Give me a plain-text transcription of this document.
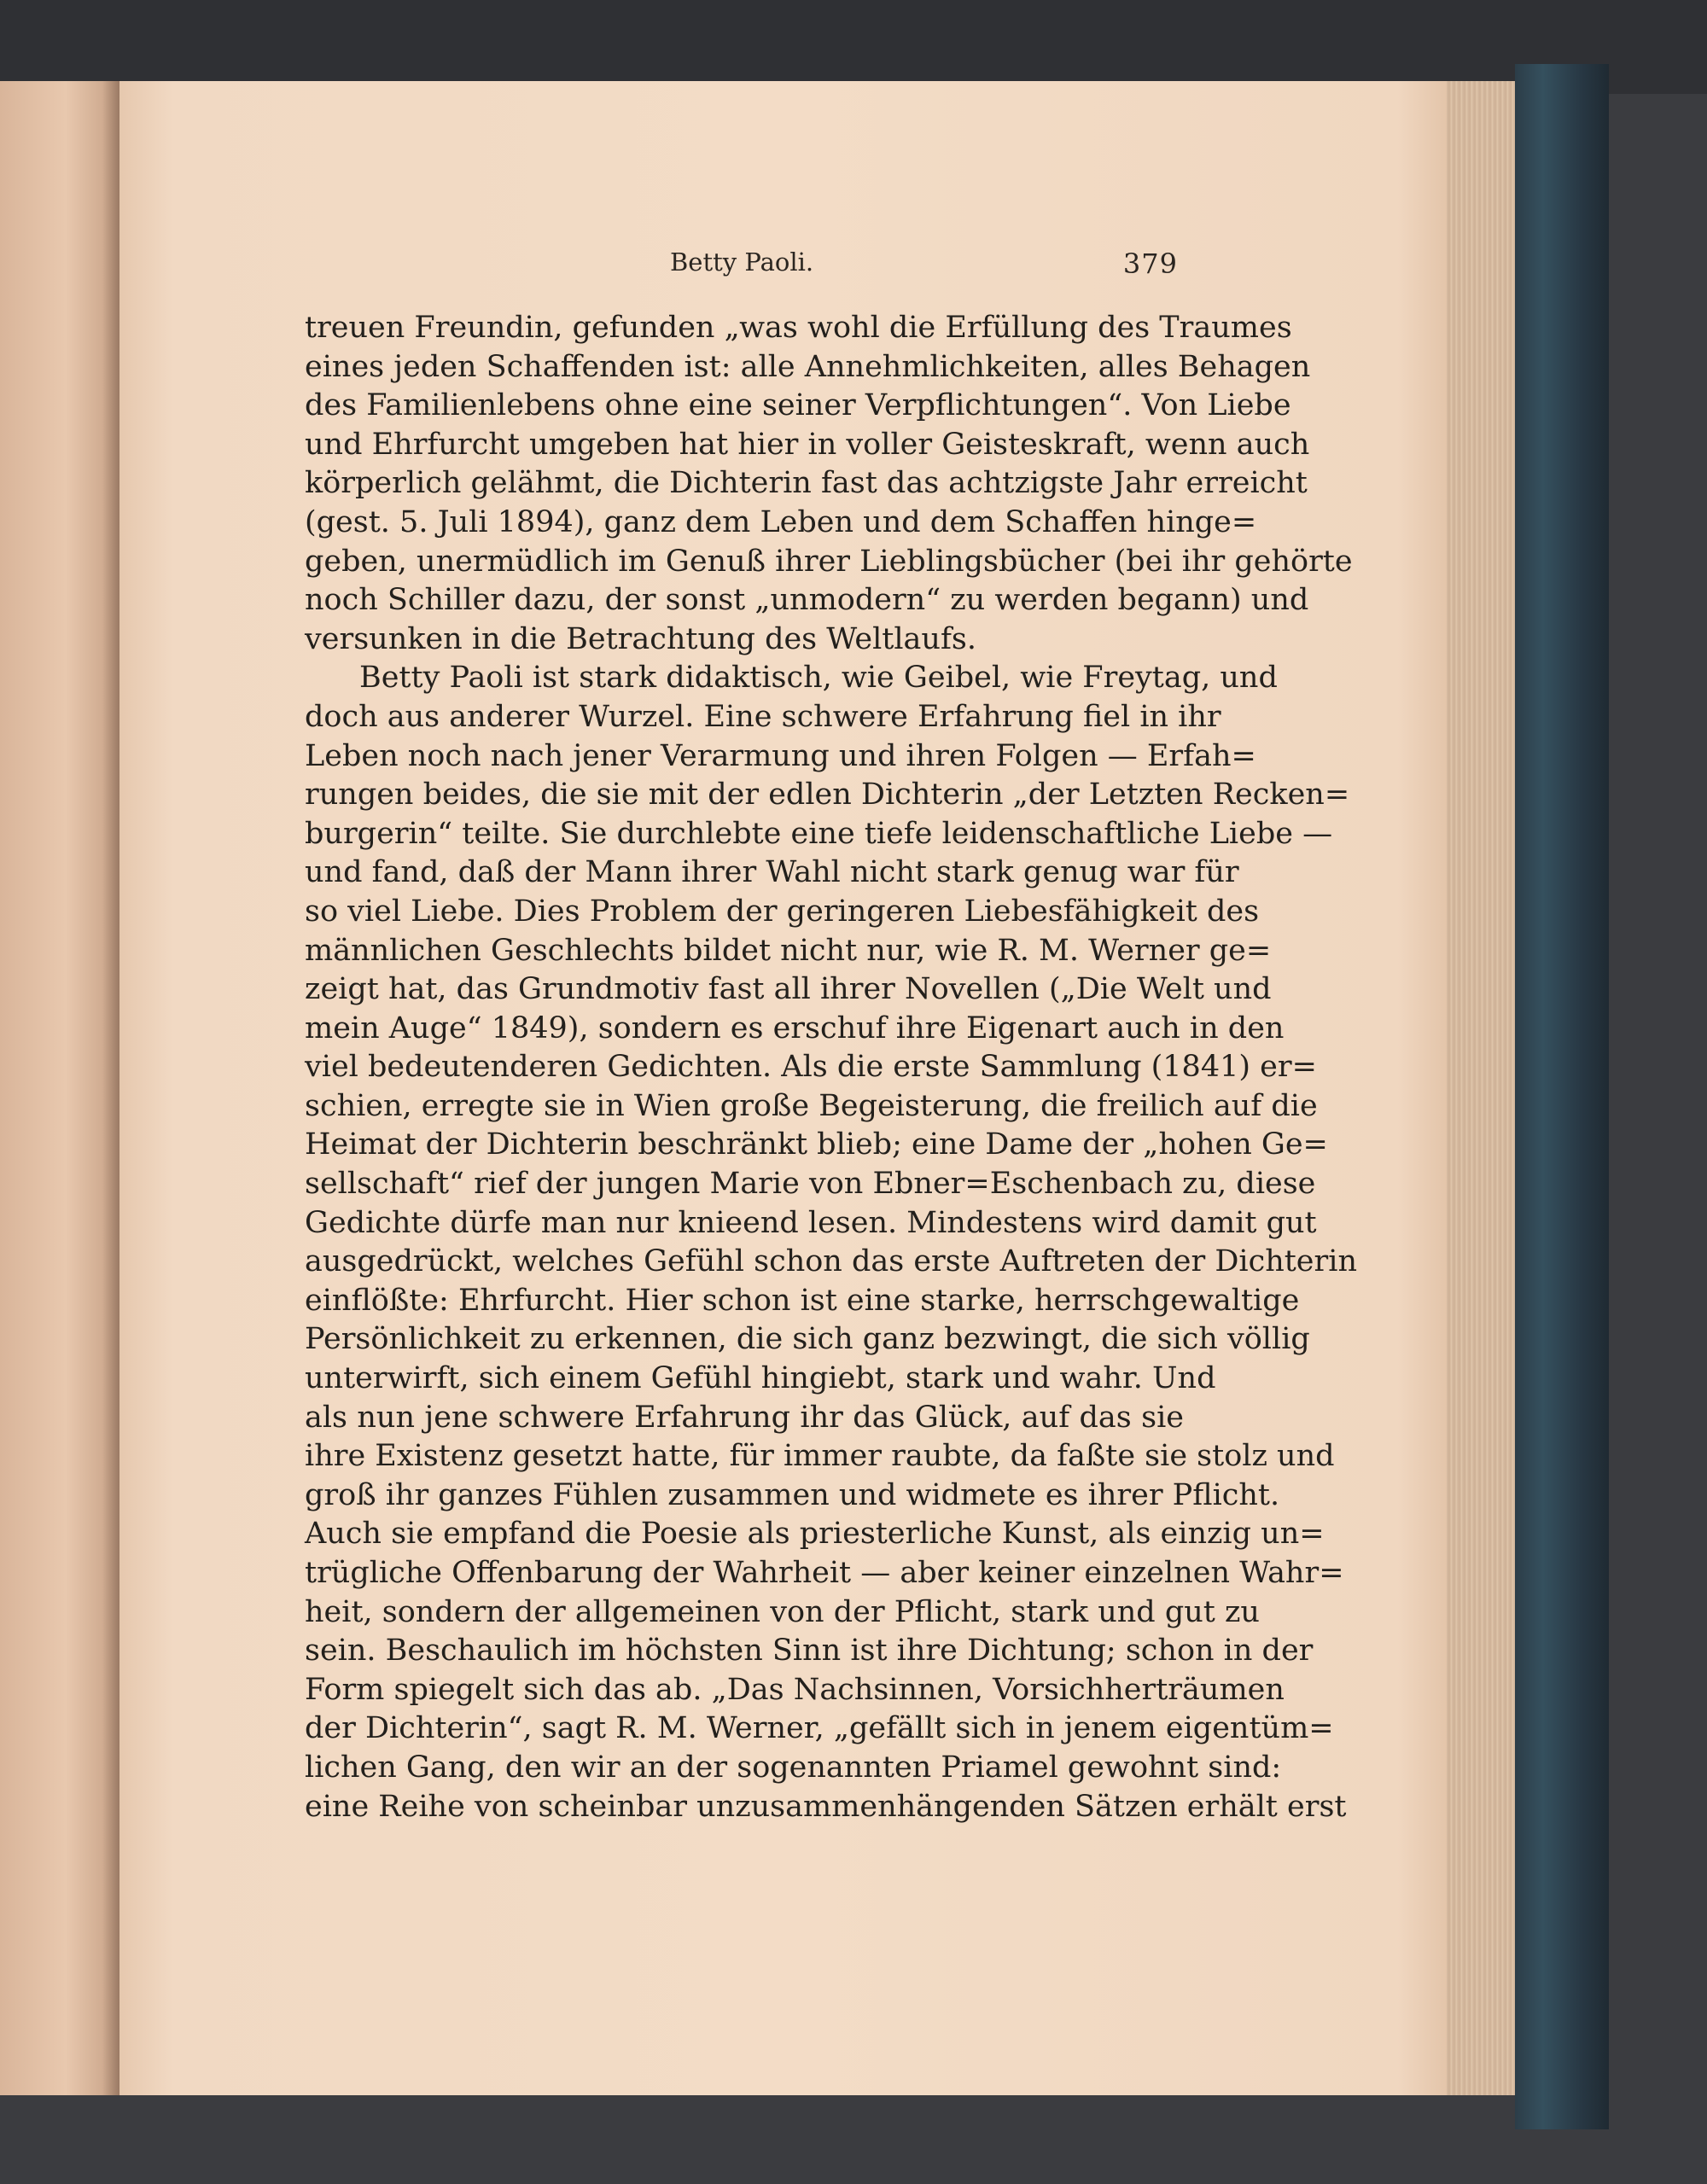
Betty Paoli.	379
treuen Freundin, gefunden „was wohl die Erfüllung des Traumes
eines jeden Schaffenden ist: alle Annehmlichkeiten, alles Behagen
des Familienlebens ohne eine seiner Verpflichtungen“. Von Liebe
und Ehrfurcht umgeben hat hier in voller Geisteskraft, wenn auch
körperlich gelähmt, die Dichterin fast das achtzigste Jahr erreicht
(gest. 5. Juli 1894), ganz dem Leben und dem Schaffen hinge=
geben, unermüdlich im Genuß ihrer Lieblingsbücher (bei ihr gehörte
noch Schiller dazu, der sonst „unmodern“ zu werden begann) und
versunken in die Betrachtung des Weltlaufs.
Betty Paoli ist stark didaktisch, wie Geibel, wie Freytag, und
doch aus anderer Wurzel. Eine schwere Erfahrung fiel in ihr
Leben noch nach jener Verarmung und ihren Folgen — Erfah=
rungen beides, die sie mit der edlen Dichterin „der Letzten Recken=
burgerin“ teilte. Sie durchlebte eine tiefe leidenschaftliche Liebe —
und fand, daß der Mann ihrer Wahl nicht stark genug war für
so viel Liebe. Dies Problem der geringeren Liebesfähigkeit des
männlichen Geschlechts bildet nicht nur, wie R. M. Werner ge=
zeigt hat, das Grundmotiv fast all ihrer Novellen („Die Welt und
mein Auge“ 1849), sondern es erschuf ihre Eigenart auch in den
viel bedeutenderen Gedichten. Als die erste Sammlung (1841) er=
schien, erregte sie in Wien große Begeisterung, die freilich auf die
Heimat der Dichterin beschränkt blieb; eine Dame der „hohen Ge=
sellschaft“ rief der jungen Marie von Ebner=Eschenbach zu, diese
Gedichte dürfe man nur knieend lesen. Mindestens wird damit gut
ausgedrückt, welches Gefühl schon das erste Auftreten der Dichterin
einflößte: Ehrfurcht. Hier schon ist eine starke, herrschgewaltige
Persönlichkeit zu erkennen, die sich ganz bezwingt, die sich völlig
unterwirft, sich einem Gefühl hingiebt, stark und wahr. Und
als nun jene schwere Erfahrung ihr das Glück, auf das sie
ihre Existenz gesetzt hatte, für immer raubte, da faßte sie stolz und
groß ihr ganzes Fühlen zusammen und widmete es ihrer Pflicht.
Auch sie empfand die Poesie als priesterliche Kunst, als einzig un=
trügliche Offenbarung der Wahrheit — aber keiner einzelnen Wahr=
heit, sondern der allgemeinen von der Pflicht, stark und gut zu
sein. Beschaulich im höchsten Sinn ist ihre Dichtung; schon in der
Form spiegelt sich das ab. „Das Nachsinnen, Vorsichherträumen
der Dichterin“, sagt R. M. Werner, „gefällt sich in jenem eigentüm=
lichen Gang, den wir an der sogenannten Priamel gewohnt sind:
eine Reihe von scheinbar unzusammenhängenden Sätzen erhält erst
